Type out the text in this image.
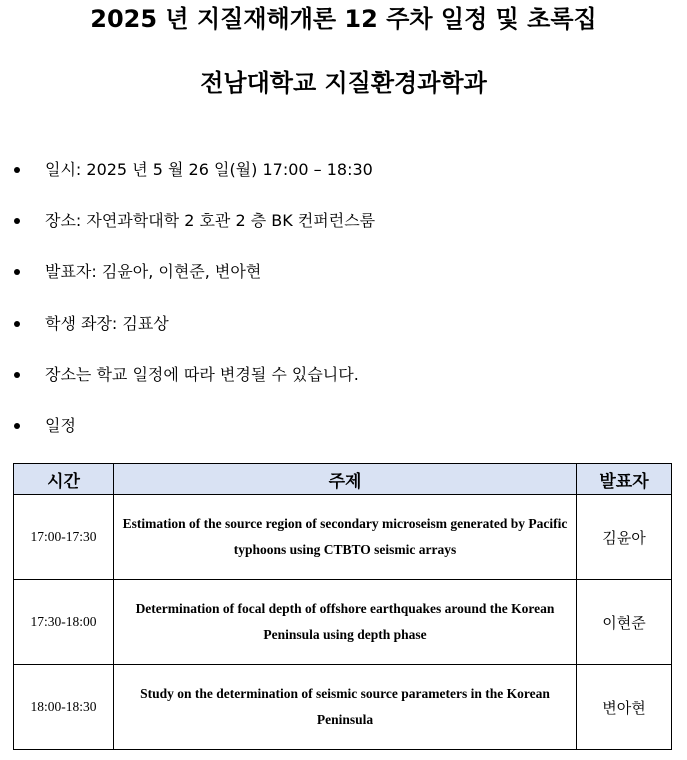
2025 년 지질재해개론 12 주차 일정 및 초록집
전남대학교 지질환경과학과
일시: 2025 년 5 월 26 일(월) 17:00 – 18:30
장소: 자연과학대학 2 호관 2 층 BK 컨퍼런스룸
발표자: 김윤아, 이현준, 변아현
학생 좌장: 김표상
장소는 학교 일정에 따라 변경될 수 있습니다.
일정
시간	주제	발표자
17:00-17:30	Estimation of the source region of secondary microseism generated by Pacific typhoons using CTBTO seismic arrays	김윤아
17:30-18:00	Determination of focal depth of offshore earthquakes around the Korean Peninsula using depth phase	이현준
18:00-18:30	Study on the determination of seismic source parameters in the Korean Peninsula	변아현
